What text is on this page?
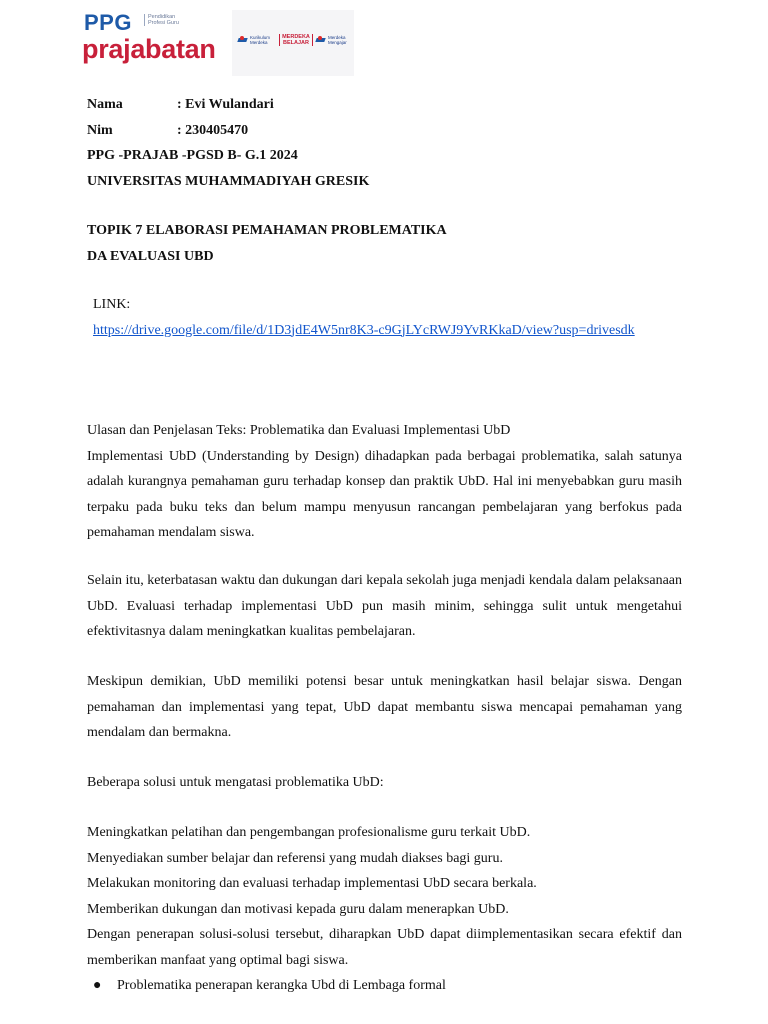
PPG	Pendidikan Profesi Guru
prajabatan	Kurikulum Merdeka
MERDEKA BELAJAR
Merdeka Mengajar
Nama	: Evi Wulandari
Nim	: 230405470
PPG -PRAJAB -PGSD B- G.1 2024
UNIVERSITAS MUHAMMADIYAH GRESIK
TOPIK 7 ELABORASI PEMAHAMAN PROBLEMATIKA
DA EVALUASI UBD
LINK:
https://drive.google.com/file/d/1D3jdE4W5nr8K3-c9GjLYcRWJ9YvRKkaD/view?usp=drivesdk
Ulasan dan Penjelasan Teks: Problematika dan Evaluasi Implementasi UbD

Implementasi UbD (Understanding by Design) dihadapkan pada berbagai problematika, salah satunya adalah kurangnya pemahaman guru terhadap konsep dan praktik UbD. Hal ini menyebabkan guru masih terpaku pada buku teks dan belum mampu menyusun rancangan pembelajaran yang berfokus pada pemahaman mendalam siswa.

Selain itu, keterbatasan waktu dan dukungan dari kepala sekolah juga menjadi kendala dalam pelaksanaan UbD. Evaluasi terhadap implementasi UbD pun masih minim, sehingga sulit untuk mengetahui efektivitasnya dalam meningkatkan kualitas pembelajaran.

Meskipun demikian, UbD memiliki potensi besar untuk meningkatkan hasil belajar siswa. Dengan pemahaman dan implementasi yang tepat, UbD dapat membantu siswa mencapai pemahaman yang mendalam dan bermakna.

Beberapa solusi untuk mengatasi problematika UbD:

Meningkatkan pelatihan dan pengembangan profesionalisme guru terkait UbD.
Menyediakan sumber belajar dan referensi yang mudah diakses bagi guru.
Melakukan monitoring dan evaluasi terhadap implementasi UbD secara berkala.
Memberikan dukungan dan motivasi kepada guru dalam menerapkan UbD.

Dengan penerapan solusi-solusi tersebut, diharapkan UbD dapat diimplementasikan secara efektif dan memberikan manfaat yang optimal bagi siswa.

●	Problematika penerapan kerangka Ubd di Lembaga formal
